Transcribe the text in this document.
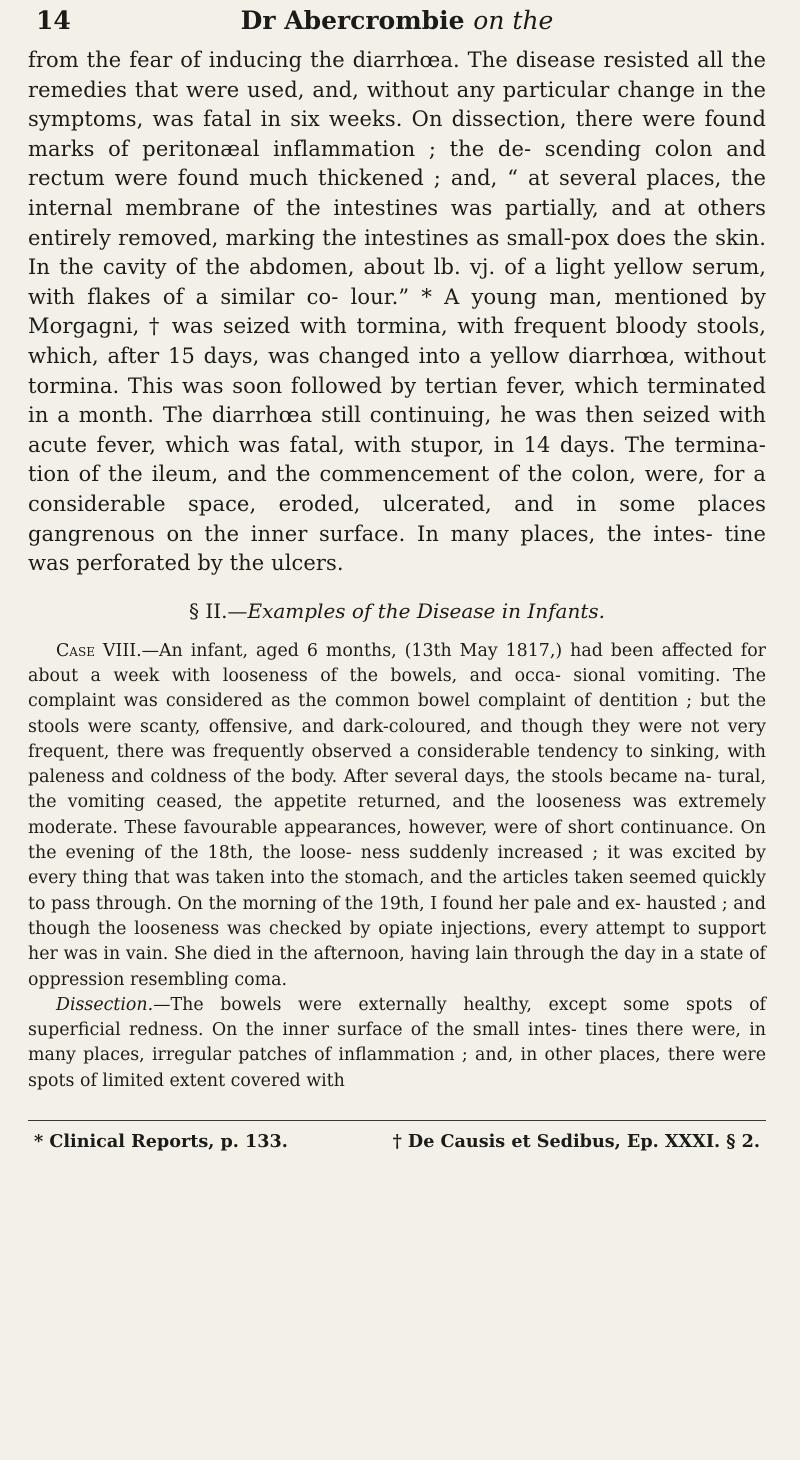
14	Dr Abercrombie on the

from the fear of inducing the diarrhœa. The disease resisted all the remedies that were used, and, without any particular change in the symptoms, was fatal in six weeks. On dissection, there were found marks of peritonæal inflammation ; the de- scending colon and rectum were found much thickened ; and, “ at several places, the internal membrane of the intestines was partially, and at others entirely removed, marking the intestines as small-pox does the skin. In the cavity of the abdomen, about lb. vj. of a light yellow serum, with flakes of a similar co- lour.” * A young man, mentioned by Morgagni, † was seized with tormina, with frequent bloody stools, which, after 15 days, was changed into a yellow diarrhœa, without tormina. This was soon followed by tertian fever, which terminated in a month. The diarrhœa still continuing, he was then seized with acute fever, which was fatal, with stupor, in 14 days. The termina- tion of the ileum, and the commencement of the colon, were, for a considerable space, eroded, ulcerated, and in some places gangrenous on the inner surface. In many places, the intes- tine was perforated by the ulcers.

§ II.—Examples of the Disease in Infants.

Case VIII.—An infant, aged 6 months, (13th May 1817,) had been affected for about a week with looseness of the bowels, and occa- sional vomiting. The complaint was considered as the common bowel complaint of dentition ; but the stools were scanty, offensive, and dark-coloured, and though they were not very frequent, there was frequently observed a considerable tendency to sinking, with paleness and coldness of the body. After several days, the stools became na- tural, the vomiting ceased, the appetite returned, and the looseness was extremely moderate. These favourable appearances, however, were of short continuance. On the evening of the 18th, the loose- ness suddenly increased ; it was excited by every thing that was taken into the stomach, and the articles taken seemed quickly to pass through. On the morning of the 19th, I found her pale and ex- hausted ; and though the looseness was checked by opiate injections, every attempt to support her was in vain. She died in the afternoon, having lain through the day in a state of oppression resembling coma.

Dissection.—The bowels were externally healthy, except some spots of superficial redness. On the inner surface of the small intes- tines there were, in many places, irregular patches of inflammation ; and, in other places, there were spots of limited extent covered with

* Clinical Reports, p. 133.	† De Causis et Sedibus, Ep. XXXI. § 2.
